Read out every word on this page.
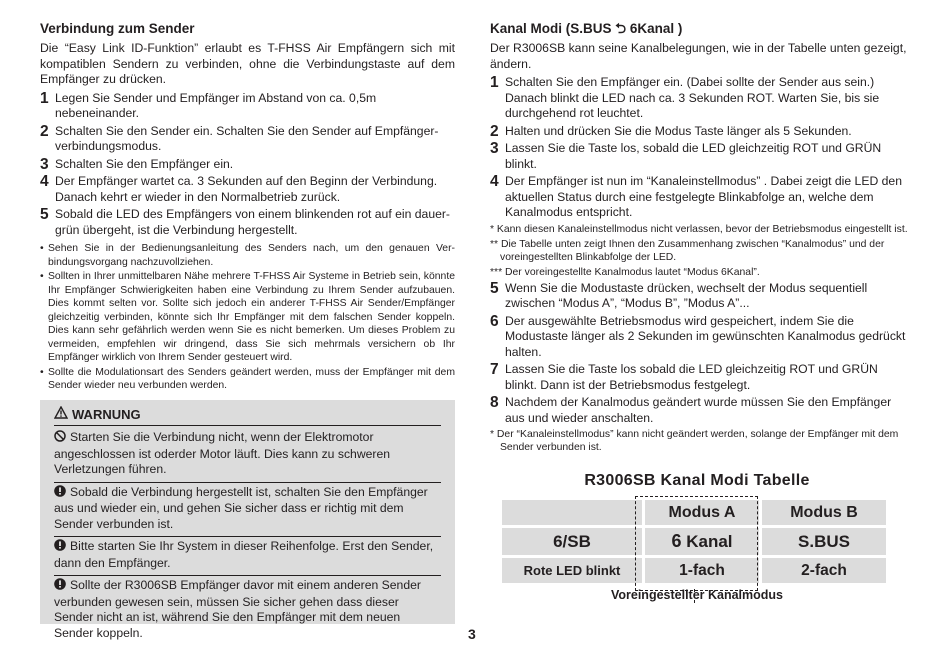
Verbindung zum Sender

Die “Easy Link ID-Funktion” erlaubt es T-FHSS Air Empfängern sich mit kompatiblen Sendern zu verbinden, ohne die Verbindungstaste auf dem Empfänger zu drücken.

1 Legen Sie Sender und Empfänger im Abstand von ca. 0,5m nebeneinander.
2 Schalten Sie den Sender ein. Schalten Sie den Sender auf Empfänger-verbindungsmodus.
3 Schalten Sie den Empfänger ein.
4 Der Empfänger wartet ca. 3 Sekunden auf den Beginn der Verbindung. Danach kehrt er wieder in den Normalbetrieb zurück.
5 Sobald die LED des Empfängers von einem blinkenden rot auf ein dauer-grün übergeht, ist die Verbindung hergestellt.
• Sehen Sie in der Bedienungsanleitung des Senders nach, um den genauen Ver-bindungsvorgang nachzuvollziehen.
• Sollten in Ihrer unmittelbaren Nähe mehrere T-FHSS Air Systeme in Betrieb sein, könnte Ihr Empfänger Schwierigkeiten haben eine Verbindung zu Ihrem Sender aufzubauen. Dies kommt selten vor. Sollte sich jedoch ein anderer T-FHSS Air Sender/Empfänger gleichzeitig verbinden, könnte sich Ihr Empfänger mit dem falschen Sender koppeln. Dies kann sehr gefährlich werden wenn Sie es nicht bemerken. Um dieses Problem zu vermeiden, empfehlen wir dringend, dass Sie sich mehrmals versichern ob Ihr Empfänger wirklich von Ihrem Sender gesteuert wird.
• Sollte die Modulationsart des Senders geändert werden, muss der Empfänger mit dem Sender wieder neu verbunden werden.
WARNUNG
Starten Sie die Verbindung nicht, wenn der Elektromotor angeschlossen ist oderder Motor läuft. Dies kann zu schweren Verletzungen führen.
Sobald die Verbindung hergestellt ist, schalten Sie den Empfänger aus und wieder ein, und gehen Sie sicher dass er richtig mit dem Sender verbunden ist.
Bitte starten Sie Ihr System in dieser Reihenfolge. Erst den Sender, dann den Empfänger.
Sollte der R3006SB Empfänger davor mit einem anderen Sender verbunden gewesen sein, müssen Sie sicher gehen dass dieser Sender nicht an ist, während Sie den Empfänger mit dem neuen Sender koppeln.
Kanal Modi (S.BUS ⮌ 6Kanal )

Der R3006SB kann seine Kanalbelegungen, wie in der Tabelle unten gezeigt, ändern.

1 Schalten Sie den Empfänger ein. (Dabei sollte der Sender aus sein.) Danach blinkt die LED nach ca. 3 Sekunden ROT. Warten Sie, bis sie durchgehend rot leuchtet.
2 Halten und drücken Sie die Modus Taste länger als 5 Sekunden.
3 Lassen Sie die Taste los, sobald die LED gleichzeitig ROT und GRÜN blinkt.
4 Der Empfänger ist nun im “Kanaleinstellmodus” . Dabei zeigt die LED den aktuellen Status durch eine festgelegte Blinkabfolge an, welche dem Kanalmodus entspricht.
* Kann diesen Kanaleinstellmodus nicht verlassen, bevor der Betriebsmodus eingestellt ist.
** Die Tabelle unten zeigt Ihnen den Zusammenhang zwischen “Kanalmodus” und der voreingestellten Blinkabfolge der LED.
*** Der voreingestellte Kanalmodus lautet “Modus 6Kanal”.
5 Wenn Sie die Modustaste drücken, wechselt der Modus sequentiell zwischen “Modus A”, “Modus B”, ”Modus A”...
6 Der ausgewählte Betriebsmodus wird gespeichert, indem Sie die Modustaste länger als 2 Sekunden im gewünschten Kanalmodus gedrückt halten.
7 Lassen Sie die Taste los sobald die LED gleichzeitig ROT und GRÜN blinkt. Dann ist der Betriebsmodus festgelegt.
8 Nachdem der Kanalmodus geändert wurde müssen Sie den Empfänger aus und wieder anschalten.
* Der “Kanaleinstellmodus” kann nicht geändert werden, solange der Empfänger mit dem Sender verbunden ist.
R3006SB Kanal Modi Tabelle
	Modus A	Modus B
6/SB	6 Kanal	S.BUS
Rote LED blinkt	1-fach	2-fach
Voreingestellter Kanalmodus
3
